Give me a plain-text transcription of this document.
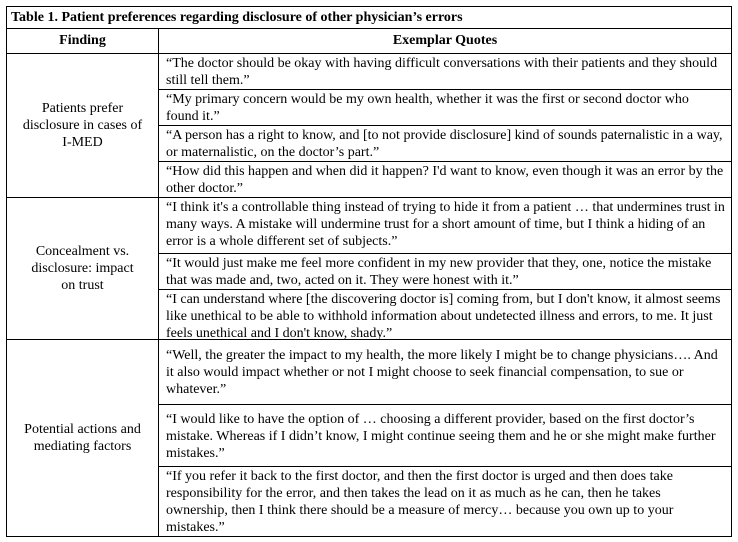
Table 1. Patient preferences regarding disclosure of other physician’s errors
Finding	Exemplar Quotes
Patients prefer disclosure in cases of I-MED
“The doctor should be okay with having difficult conversations with their patients and they should still tell them.”
“My primary concern would be my own health, whether it was the first or second doctor who found it.”
“A person has a right to know, and [to not provide disclosure] kind of sounds paternalistic in a way, or maternalistic, on the doctor’s part.”
“How did this happen and when did it happen? I'd want to know, even though it was an error by the other doctor.”
Concealment vs. disclosure: impact on trust
“I think it's a controllable thing instead of trying to hide it from a patient … that undermines trust in many ways. A mistake will undermine trust for a short amount of time, but I think a hiding of an error is a whole different set of subjects.”
“It would just make me feel more confident in my new provider that they, one, notice the mistake that was made and, two, acted on it. They were honest with it.”
“I can understand where [the discovering doctor is] coming from, but I don't know, it almost seems like unethical to be able to withhold information about undetected illness and errors, to me. It just feels unethical and I don't know, shady.”
Potential actions and mediating factors
“Well, the greater the impact to my health, the more likely I might be to change physicians…. And it also would impact whether or not I might choose to seek financial compensation, to sue or whatever.”
“I would like to have the option of … choosing a different provider, based on the first doctor’s mistake. Whereas if I didn’t know, I might continue seeing them and he or she might make further mistakes.”
“If you refer it back to the first doctor, and then the first doctor is urged and then does take responsibility for the error, and then takes the lead on it as much as he can, then he takes ownership, then I think there should be a measure of mercy… because you own up to your mistakes.”
